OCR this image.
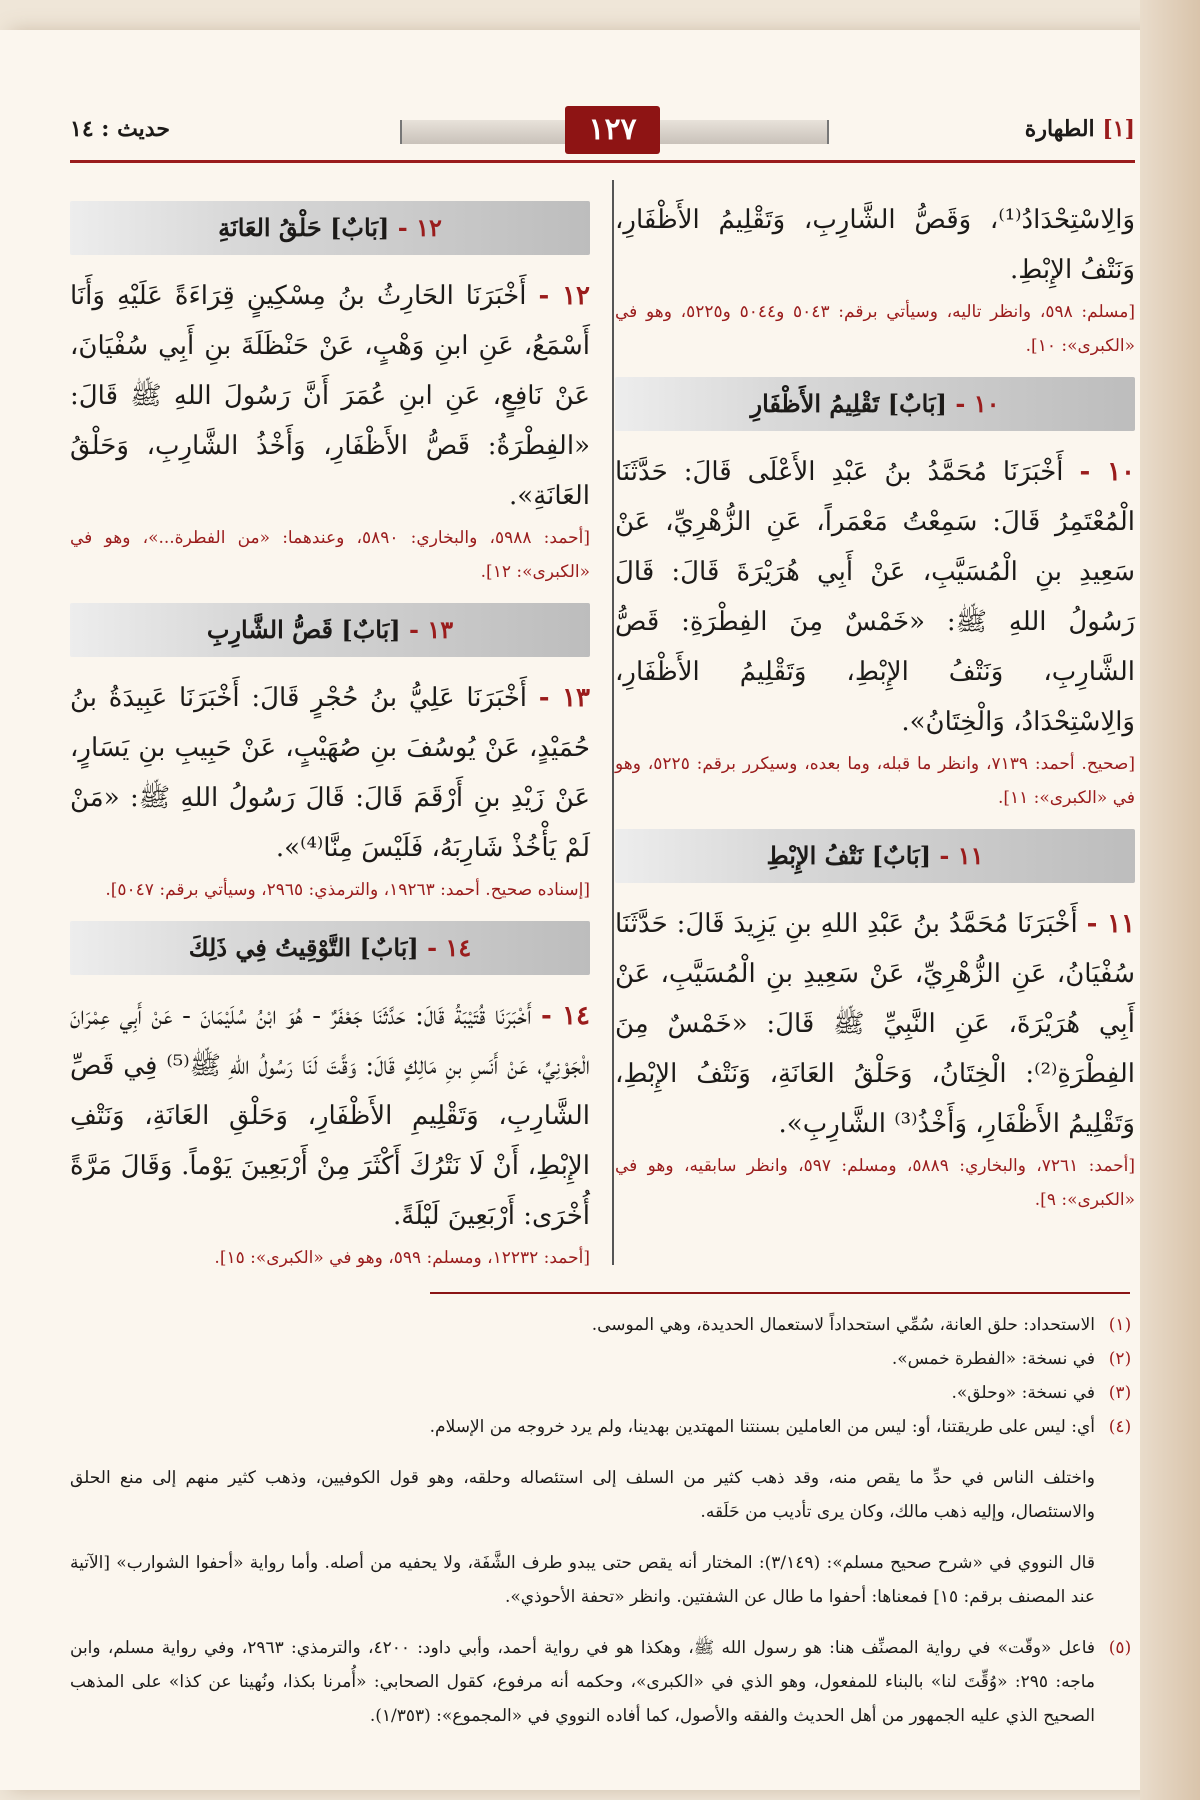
[١] الطهارة
١٢٧
حديث : ١٤

وَالِاسْتِحْدَادُ⁽¹⁾، وَقَصُّ الشَّارِبِ، وَتَقْلِيمُ الأَظْفَارِ، وَنَتْفُ الإِبْطِ.

[مسلم: ٥٩٨، وانظر تاليه، وسيأتي برقم: ٥٠٤٣ و٥٠٤٤ و٥٢٢٥، وهو في «الكبرى»: ١٠].

١٠ - [بَابٌ] تَقْلِيمُ الأَظْفَارِ

١٠ - أَخْبَرَنَا مُحَمَّدُ بنُ عَبْدِ الأَعْلَى قَالَ: حَدَّثَنَا الْمُعْتَمِرُ قَالَ: سَمِعْتُ مَعْمَراً، عَنِ الزُّهْرِيِّ، عَنْ سَعِيدِ بنِ الْمُسَيَّبِ، عَنْ أَبِي هُرَيْرَةَ قَالَ: قَالَ رَسُولُ اللهِ ﷺ: «خَمْسٌ مِنَ الفِطْرَةِ: قَصُّ الشَّارِبِ، وَنَتْفُ الإِبْطِ، وَتَقْلِيمُ الأَظْفَارِ، وَالِاسْتِحْدَادُ، وَالْخِتَانُ».

[صحيح. أحمد: ٧١٣٩، وانظر ما قبله، وما بعده، وسيكرر برقم: ٥٢٢٥، وهو في «الكبرى»: ١١].

١١ - [بَابٌ] نَتْفُ الإِبْطِ

١١ - أَخْبَرَنَا مُحَمَّدُ بنُ عَبْدِ اللهِ بنِ يَزِيدَ قَالَ: حَدَّثَنَا سُفْيَانُ، عَنِ الزُّهْرِيِّ، عَنْ سَعِيدِ بنِ الْمُسَيَّبِ، عَنْ أَبِي هُرَيْرَةَ، عَنِ النَّبِيِّ ﷺ قَالَ: «خَمْسٌ مِنَ الفِطْرَةِ⁽²⁾: الْخِتَانُ، وَحَلْقُ العَانَةِ، وَنَتْفُ الإِبْطِ، وَتَقْلِيمُ الأَظْفَارِ، وَأَخْذُ⁽³⁾ الشَّارِبِ».

[أحمد: ٧٢٦١، والبخاري: ٥٨٨٩، ومسلم: ٥٩٧، وانظر سابقيه، وهو في «الكبرى»: ٩].

١٢ - [بَابٌ] حَلْقُ العَانَةِ

١٢ - أَخْبَرَنَا الحَارِثُ بنُ مِسْكِينٍ قِرَاءَةً عَلَيْهِ وَأَنَا أَسْمَعُ، عَنِ ابنِ وَهْبٍ، عَنْ حَنْظَلَةَ بنِ أَبِي سُفْيَانَ، عَنْ نَافِعٍ، عَنِ ابنِ عُمَرَ أَنَّ رَسُولَ اللهِ ﷺ قَالَ: «الفِطْرَةُ: قَصُّ الأَظْفَارِ، وَأَخْذُ الشَّارِبِ، وَحَلْقُ العَانَةِ».

[أحمد: ٥٩٨٨، والبخاري: ٥٨٩٠، وعندهما: «من الفطرة...»، وهو في «الكبرى»: ١٢].

١٣ - [بَابٌ] قَصُّ الشَّارِبِ

١٣ - أَخْبَرَنَا عَلِيُّ بنُ حُجْرٍ قَالَ: أَخْبَرَنَا عَبِيدَةُ بنُ حُمَيْدٍ، عَنْ يُوسُفَ بنِ صُهَيْبٍ، عَنْ حَبِيبِ بنِ يَسَارٍ، عَنْ زَيْدِ بنِ أَرْقَمَ قَالَ: قَالَ رَسُولُ اللهِ ﷺ: «مَنْ لَمْ يَأْخُذْ شَارِبَهُ، فَلَيْسَ مِنَّا⁽⁴⁾».

[إسناده صحيح. أحمد: ١٩٢٦٣، والترمذي: ٢٩٦٥، وسيأتي برقم: ٥٠٤٧].

١٤ - [بَابٌ] التَّوْقِيتُ فِي ذَلِكَ

١٤ - أَخْبَرَنَا قُتَيْبَةُ قَالَ: حَدَّثَنَا جَعْفَرٌ - هُوَ ابْنُ سُلَيْمَانَ - عَنْ أَبِي عِمْرَانَ الْجَوْنِيِّ، عَنْ أَنَسِ بنِ مَالِكٍ قَالَ: وَقَّتَ لَنَا رَسُولُ اللهِ ﷺ⁽⁵⁾ فِي قَصِّ الشَّارِبِ، وَتَقْلِيمِ الأَظْفَارِ، وَحَلْقِ العَانَةِ، وَنَتْفِ الإِبْطِ، أَنْ لَا نَتْرُكَ أَكْثَرَ مِنْ أَرْبَعِينَ يَوْماً. وَقَالَ مَرَّةً أُخْرَى: أَرْبَعِينَ لَيْلَةً.

[أحمد: ١٢٢٣٢، ومسلم: ٥٩٩، وهو في «الكبرى»: ١٥].

(١)
الاستحداد: حلق العانة، سُمِّي استحداداً لاستعمال الحديدة، وهي الموسى.

(٢)
في نسخة: «الفطرة خمس».

(٣)
في نسخة: «وحلق».

(٤)
أي: ليس على طريقتنا، أو: ليس من العاملين بسنتنا المهتدين بهدينا، ولم يرد خروجه من الإسلام.

واختلف الناس في حدِّ ما يقص منه، وقد ذهب كثير من السلف إلى استئصاله وحلقه، وهو قول الكوفيين، وذهب كثير منهم إلى منع الحلق والاستئصال، وإليه ذهب مالك، وكان يرى تأديب من حَلَقه.

قال النووي في «شرح صحيح مسلم»: (٣/١٤٩): المختار أنه يقص حتى يبدو طرف الشَّفَة، ولا يحفيه من أصله. وأما رواية «أحفوا الشوارب» [الآتية عند المصنف برقم: ١٥] فمعناها: أحفوا ما طال عن الشفتين. وانظر «تحفة الأحوذي».

(٥)
فاعل «وقّت» في رواية المصنِّف هنا: هو رسول الله ﷺ، وهكذا هو في رواية أحمد، وأبي داود: ٤٢٠٠، والترمذي: ٢٩٦٣، وفي رواية مسلم، وابن ماجه: ٢٩٥: «وُقِّتَ لنا» بالبناء للمفعول، وهو الذي في «الكبرى»، وحكمه أنه مرفوع، كقول الصحابي: «أُمرنا بكذا، ونُهينا عن كذا» على المذهب الصحيح الذي عليه الجمهور من أهل الحديث والفقه والأصول، كما أفاده النووي في «المجموع»: (١/٣٥٣).
